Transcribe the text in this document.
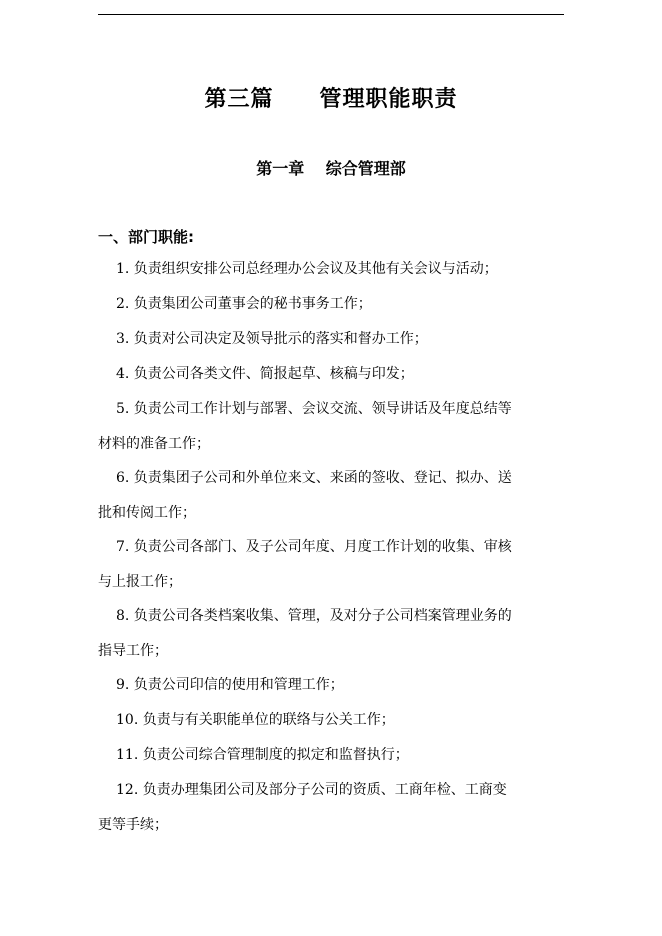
第三篇　　管理职能职责
第一章　 综合管理部
一、部门职能:
1. 负责组织安排公司总经理办公会议及其他有关会议与活动；
2. 负责集团公司董事会的秘书事务工作；
3. 负责对公司决定及领导批示的落实和督办工作；
4. 负责公司各类文件、简报起草、核稿与印发；
5. 负责公司工作计划与部署、会议交流、领导讲话及年度总结等
材料的准备工作；
6. 负责集团子公司和外单位来文、来函的签收、登记、拟办、送
批和传阅工作；
7. 负责公司各部门、及子公司年度、月度工作计划的收集、审核
与上报工作；
8. 负责公司各类档案收集、管理，及对分子公司档案管理业务的
指导工作；
9. 负责公司印信的使用和管理工作；
10. 负责与有关职能单位的联络与公关工作；
11. 负责公司综合管理制度的拟定和监督执行；
12. 负责办理集团公司及部分子公司的资质、工商年检、工商变
更等手续；
